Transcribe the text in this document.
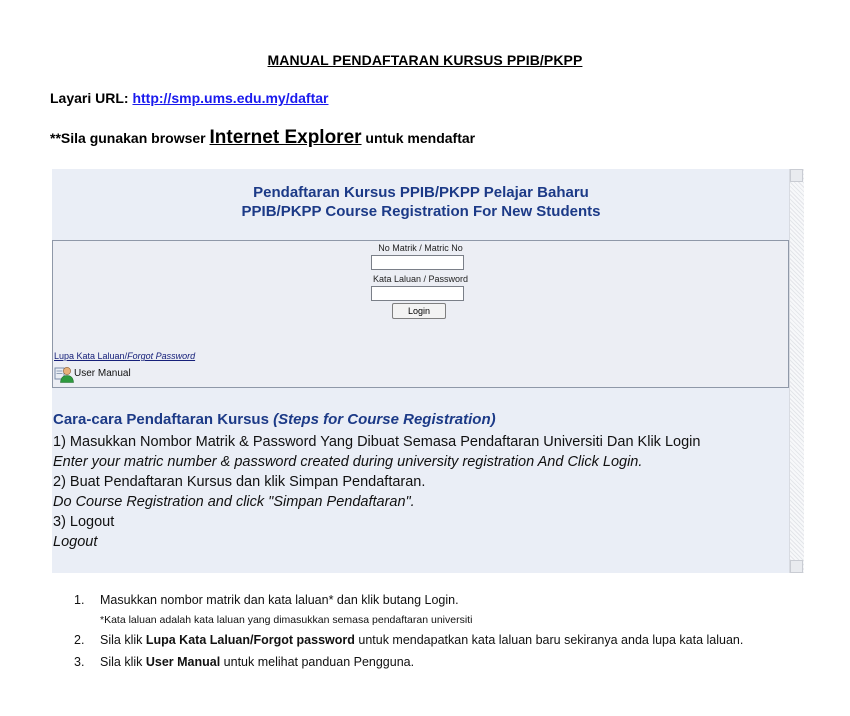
MANUAL PENDAFTARAN KURSUS PPIB/PKPP
Layari URL: http://smp.ums.edu.my/daftar
**Sila gunakan browser Internet Explorer untuk mendaftar
Pendaftaran Kursus PPIB/PKPP Pelajar Baharu
PPIB/PKPP Course Registration For New Students
No Matrik / Matric No
Kata Laluan / Password
Login
Lupa Kata Laluan/Forgot Password
User Manual
Cara-cara Pendaftaran Kursus (Steps for Course Registration)
1) Masukkan Nombor Matrik & Password Yang Dibuat Semasa Pendaftaran Universiti Dan Klik Login
Enter your matric number & password created during university registration And Click Login.
2) Buat Pendaftaran Kursus dan klik Simpan Pendaftaran.
Do Course Registration and click "Simpan Pendaftaran".
3) Logout
Logout
1. Masukkan nombor matrik dan kata laluan* dan klik butang Login.
*Kata laluan adalah kata laluan yang dimasukkan semasa pendaftaran universiti
2. Sila klik Lupa Kata Laluan/Forgot password untuk mendapatkan kata laluan baru sekiranya anda lupa kata laluan.
3. Sila klik User Manual untuk melihat panduan Pengguna.
